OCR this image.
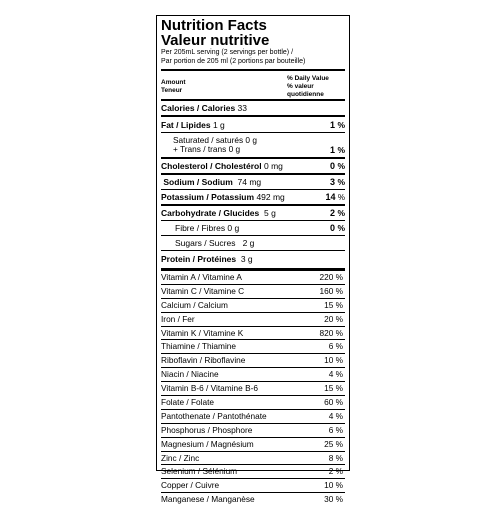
Nutrition Facts
Valeur nutritive
Per 205mL serving (2 servings per bottle) /
Par portion de 205 ml (2 portions par bouteille)
Amount
Teneur
% Daily Value
% valeur
quotidienne
Calories / Calories 33
Fat / Lipides 1 g	1 %
Saturated / saturés 0 g
+ Trans / trans 0 g	1 %
Cholesterol / Cholestérol 0 mg	0 %
Sodium / Sodium 74 mg	3 %
Potassium / Potassium 492 mg	14 %
Carbohydrate / Glucides 5 g	2 %
Fibre / Fibres 0 g	0 %
Sugars / Sucres 2 g
Protein / Protéines 3 g
Vitamin A / Vitamine A	220 %
Vitamin C / Vitamine C	160 %
Calcium / Calcium	15 %
Iron / Fer	20 %
Vitamin K / Vitamine K	820 %
Thiamine / Thiamine	6 %
Riboflavin / Riboflavine	10 %
Niacin / Niacine	4 %
Vitamin B-6 / Vitamine B-6	15 %
Folate / Folate	60 %
Pantothenate / Pantothénate	4 %
Phosphorus / Phosphore	6 %
Magnesium / Magnésium	25 %
Zinc / Zinc	8 %
Selenium / Sélénium	2 %
Copper / Cuivre	10 %
Manganese / Manganèse	30 %
